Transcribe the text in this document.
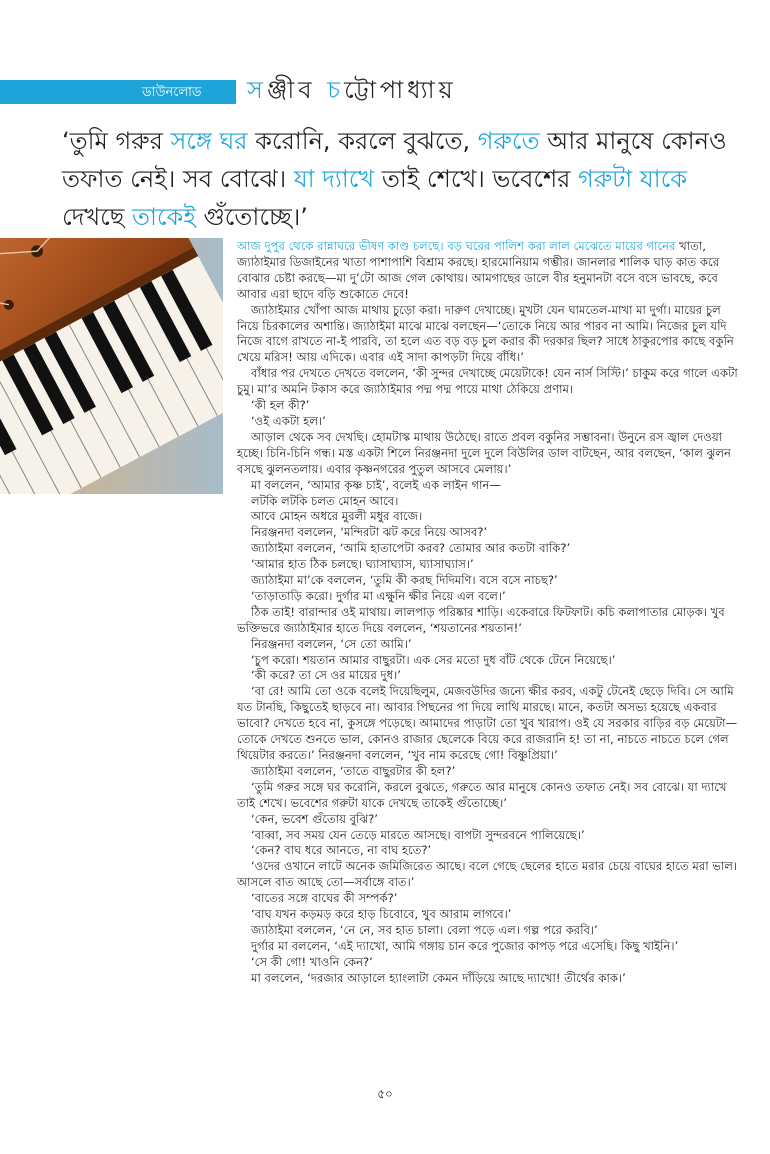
ডাউনলোড সঞ্জীব চট্টোপাধ্যায়
‘তুমি গরুর সঙ্গে ঘর করোনি, করলে বুঝতে, গরুতে আর মানুষে কোনও তফাত নেই। সব বোঝে। যা দ্যাখে তাই শেখে। ভবেশের গরুটা যাকে দেখছে তাকেই গুঁতোচ্ছে।’

আজ দুপুর থেকে রান্নাঘরে ভীষণ কাণ্ড চলছে। বড় ঘরের পালিশ করা লাল মেঝেতে মায়ের গানের খাতা, জ্যাঠাইমার ডিজাইনের খাতা পাশাপাশি বিশ্রাম করছে। হারমোনিয়াম গম্ভীর। জানলার শালিক ঘাড় কাত করে বোঝার চেষ্টা করছে—মা দু’টো আজ গেল কোথায়। আমগাছের ডালে বীর হনুমানটা বসে বসে ভাবছে, কবে আবার এরা ছাদে বড়ি শুকোতে দেবে!

জ্যাঠাইমার খোঁপা আজ মাথায় চুড়ো করা। দারুণ দেখাচ্ছে। মুখটা যেন ঘামতেল-মাখা মা দুর্গা। মায়ের চুল নিয়ে চিরকালের অশান্তি। জ্যাঠাইমা মাঝে মাঝে বলছেন—‘তোকে নিয়ে আর পারব না আমি। নিজের চুল যদি নিজে বাগে রাখতে না-ই পারবি, তা হলে এত বড় বড় চুল করার কী দরকার ছিল? সাধে ঠাকুরপোর কাছে বকুনি খেয়ে মরিস! আয় এদিকে। এবার এই সাদা কাপড়টা দিয়ে বাঁধি।’

বাঁধার পর দেখতে দেখতে বললেন, ‘কী সুন্দর দেখাচ্ছে মেয়েটাকে! যেন নার্স সিস্টি।’ চাকুম করে গালে একটা চুমু। মা’র অমনি টকাস করে জ্যাঠাইমার পদ্ম পদ্ম পায়ে মাথা ঠেকিয়ে প্রণাম।

‘কী হল কী?’

‘ওই একটা হল।’

আড়াল থেকে সব দেখছি। হোমটাস্ক মাথায় উঠেছে। রাতে প্রবল বকুনির সম্ভাবনা। উনুনে রস জ্বাল দেওয়া হচ্ছে। চিনি-চিনি গন্ধ। মস্ত একটা শিলে নিরঞ্জনদা দুলে দুলে বিউলির ডাল বাটছেন, আর বলছেন, ‘কাল ঝুলন বসছে ঝুলনতলায়। এবার কৃষ্ণনগরের পুতুল আসবে মেলায়।’

মা বললেন, ‘আমার কৃষ্ণ চাই’, বলেই এক লাইন গান—

লটকি লটকি চলত মোহন আবে।

আবে মোহন অধরে মুরলী মধুর বাজে।

নিরঞ্জনদা বললেন, ‘মন্দিরটা ঝট করে নিয়ে আসব?’

জ্যাঠাইমা বললেন, ‘আমি হাতাপেটা করব? তোমার আর কতটা বাকি?’

‘আমার হাত ঠিক চলছে। ঘ্যাসাঘ্যাস, ঘ্যাসাঘ্যাস।’

জ্যাঠাইমা মা’কে বললেন, ‘তুমি কী করছ দিদিমণি। বসে বসে নাচছ?’

‘তাড়াতাড়ি করো। দুর্গার মা এক্ষুনি ক্ষীর নিয়ে এল বলে।’

ঠিক তাই! বারান্দার ওই মাথায়। লালপাড় পরিষ্কার শাড়ি। একেবারে ফিটফাট। কচি কলাপাতার মোড়ক। খুব ভক্তিভরে জ্যাঠাইমার হাতে দিয়ে বললেন, ‘শয়তানের শয়তান!’

নিরঞ্জনদা বললেন, ‘সে তো আমি।’

‘চুপ করো। শয়তান আমার বাছুরটা। এক সের মতো দুধ বাঁট থেকে টেনে নিয়েছে।’

‘কী করে? তা সে ওর মায়ের দুধ।’

‘বা রে! আমি তো ওকে বলেই দিয়েছিলুম, মেজবউদির জন্যে ক্ষীর করব, একটু টেনেই ছেড়ে দিবি। সে আমি যত টানছি, কিছুতেই ছাড়বে না। আবার পিছনের পা দিয়ে লাথি মারছে। মানে, কতটা অসভ্য হয়েছে একবার ভাবো? দেখতে হবে না, কুসঙ্গে পড়েছে। আমাদের পাড়াটা তো খুব খারাপ। ওই যে সরকার বাড়ির বড় মেয়েটা—তোকে দেখতে শুনতে ভাল, কোনও রাজার ছেলেকে বিয়ে করে রাজরানি হ! তা না, নাচতে নাচতে চলে গেল থিয়েটার করতে।’ নিরঞ্জনদা বললেন, ‘খুব নাম করেছে গো! বিষ্ণুপ্রিয়া।’

জ্যাঠাইমা বললেন, ‘তাতে বাছুরটার কী হল?’

‘তুমি গরুর সঙ্গে ঘর করোনি, করলে বুঝতে, গরুতে আর মানুষে কোনও তফাত নেই। সব বোঝে। যা দ্যাখে তাই শেখে। ভবেশের গরুটা যাকে দেখছে তাকেই গুঁতোচ্ছে।’

‘কেন, ভবেশ গুঁতোয় বুঝি?’

‘বাব্বা, সব সময় যেন তেড়ে মারতে আসছে। বাপটা সুন্দরবনে পালিয়েছে।’

‘কেন? বাঘ ধরে আনতে, না বাঘ হতে?’

‘ওদের ওখানে লাটে অনেক জমিজিরেত আছে। বলে গেছে ছেলের হাতে মরার চেয়ে বাঘের হাতে মরা ভাল। আসলে বাত আছে তো—সর্বাঙ্গে বাত।’

‘বাতের সঙ্গে বাঘের কী সম্পর্ক?’

‘বাঘ যখন কড়মড় করে হাড় চিবোবে, খুব আরাম লাগবে।’

জ্যাঠাইমা বললেন, ‘নে নে, সব হাত চালা। বেলা পড়ে এল। গল্প পরে করবি।’

দুর্গার মা বললেন, ‘এই দ্যাখো, আমি গঙ্গায় চান করে পুজোর কাপড় পরে এসেছি। কিছু খাইনি।’

‘সে কী গো! খাওনি কেন?’

মা বললেন, ‘দরজার আড়ালে হ্যাংলাটা কেমন দাঁড়িয়ে আছে দ্যাখো! তীর্থের কাক।’

৫০
